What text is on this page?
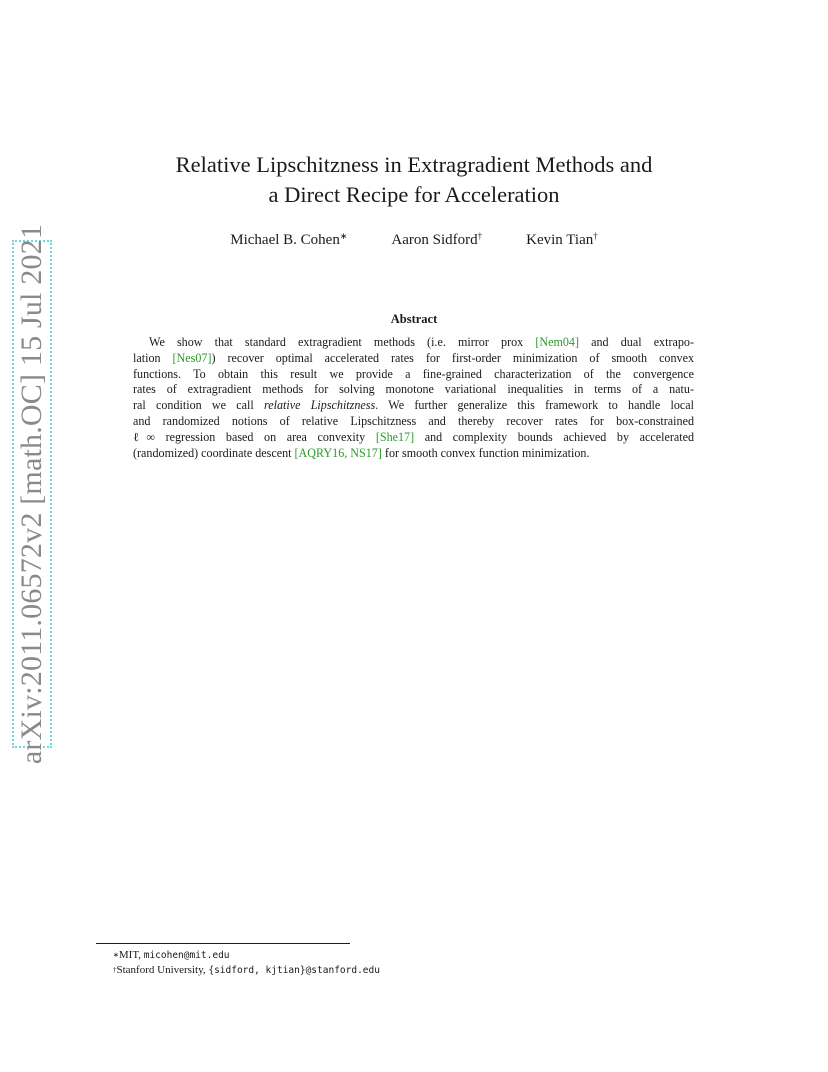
arXiv:2011.06572v2 [math.OC] 15 Jul 2021
Relative Lipschitzness in Extragradient Methods and
a Direct Recipe for Acceleration
Michael B. Cohen∗	Aaron Sidford†	Kevin Tian†
Abstract
We show that standard extragradient methods (i.e. mirror prox [Nem04] and dual extrapo-
lation [Nes07]) recover optimal accelerated rates for first-order minimization of smooth convex
functions. To obtain this result we provide a fine-grained characterization of the convergence
rates of extragradient methods for solving monotone variational inequalities in terms of a natu-
ral condition we call relative Lipschitzness. We further generalize this framework to handle local
and randomized notions of relative Lipschitzness and thereby recover rates for box-constrained
ℓ∞ regression based on area convexity [She17] and complexity bounds achieved by accelerated
(randomized) coordinate descent [AQRY16, NS17] for smooth convex function minimization.
∗MIT, micohen@mit.edu
†Stanford University, {sidford, kjtian}@stanford.edu
